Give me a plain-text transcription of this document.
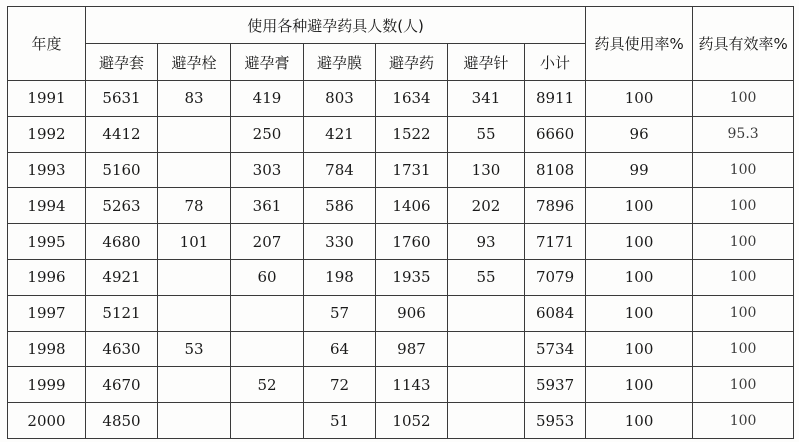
年度	使用各种避孕药具人数(人)							药具使用率%	药具有效率%
	避孕套	避孕栓	避孕膏	避孕膜	避孕药	避孕针	小计		
1991	5631	83	419	803	1634	341	8911	100	100
1992	4412		250	421	1522	55	6660	96	95.3
1993	5160		303	784	1731	130	8108	99	100
1994	5263	78	361	586	1406	202	7896	100	100
1995	4680	101	207	330	1760	93	7171	100	100
1996	4921		60	198	1935	55	7079	100	100
1997	5121			57	906		6084	100	100
1998	4630	53		64	987		5734	100	100
1999	4670		52	72	1143		5937	100	100
2000	4850			51	1052		5953	100	100
